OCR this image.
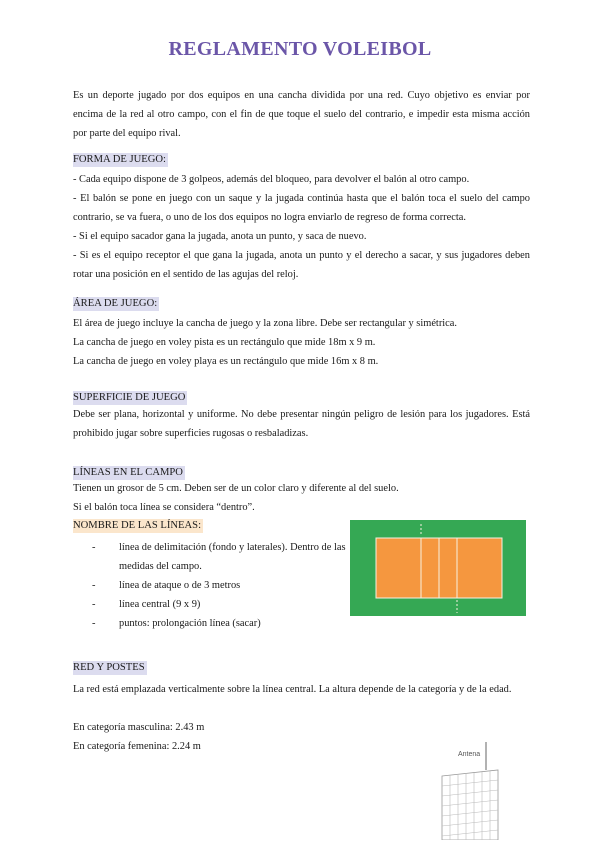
REGLAMENTO VOLEIBOL

Es un deporte jugado por dos equipos en una cancha dividida por una red. Cuyo objetivo es enviar por encima de la red al otro campo, con el fin de que toque el suelo del contrario, e impedir esta misma acción por parte del equipo rival.

FORMA DE JUEGO:

- Cada equipo dispone de 3 golpeos, además del bloqueo, para devolver el balón al otro campo.

- El balón se pone en juego con un saque y la jugada continúa hasta que el balón toca el suelo del campo contrario, se va fuera, o uno de los dos equipos no logra enviarlo de regreso de forma correcta.

- Si el equipo sacador gana la jugada, anota un punto, y saca de nuevo.

- Si es el equipo receptor el que gana la jugada, anota un punto y el derecho a sacar, y sus jugadores deben rotar una posición en el sentido de las agujas del reloj.

ÁREA DE JUEGO:

El área de juego incluye la cancha de juego y la zona libre. Debe ser rectangular y simétrica.

La cancha de juego en voley pista es un rectángulo que mide 18m x 9 m.

La cancha de juego en voley playa es un rectángulo que mide 16m x 8 m.

SUPERFICIE DE JUEGO

Debe ser plana, horizontal y uniforme. No debe presentar ningún peligro de lesión para los jugadores. Está prohibido jugar sobre superficies rugosas o resbaladizas.

LÍNEAS EN EL CAMPO

Tienen un grosor de 5 cm. Deben ser de un color claro y diferente al del suelo.

Si el balón toca línea se considera “dentro”.

NOMBRE DE LAS LÍNEAS:
- línea de delimitación (fondo y laterales). Dentro de las medidas del campo.
- línea de ataque o de 3 metros
- línea central (9 x 9)
- puntos: prolongación línea (sacar)
RED Y POSTES

La red está emplazada verticalmente sobre la línea central. La altura depende de la categoría y de la edad.

En categoría masculina: 2.43 m

En categoría femenina: 2.24 m

Antena
